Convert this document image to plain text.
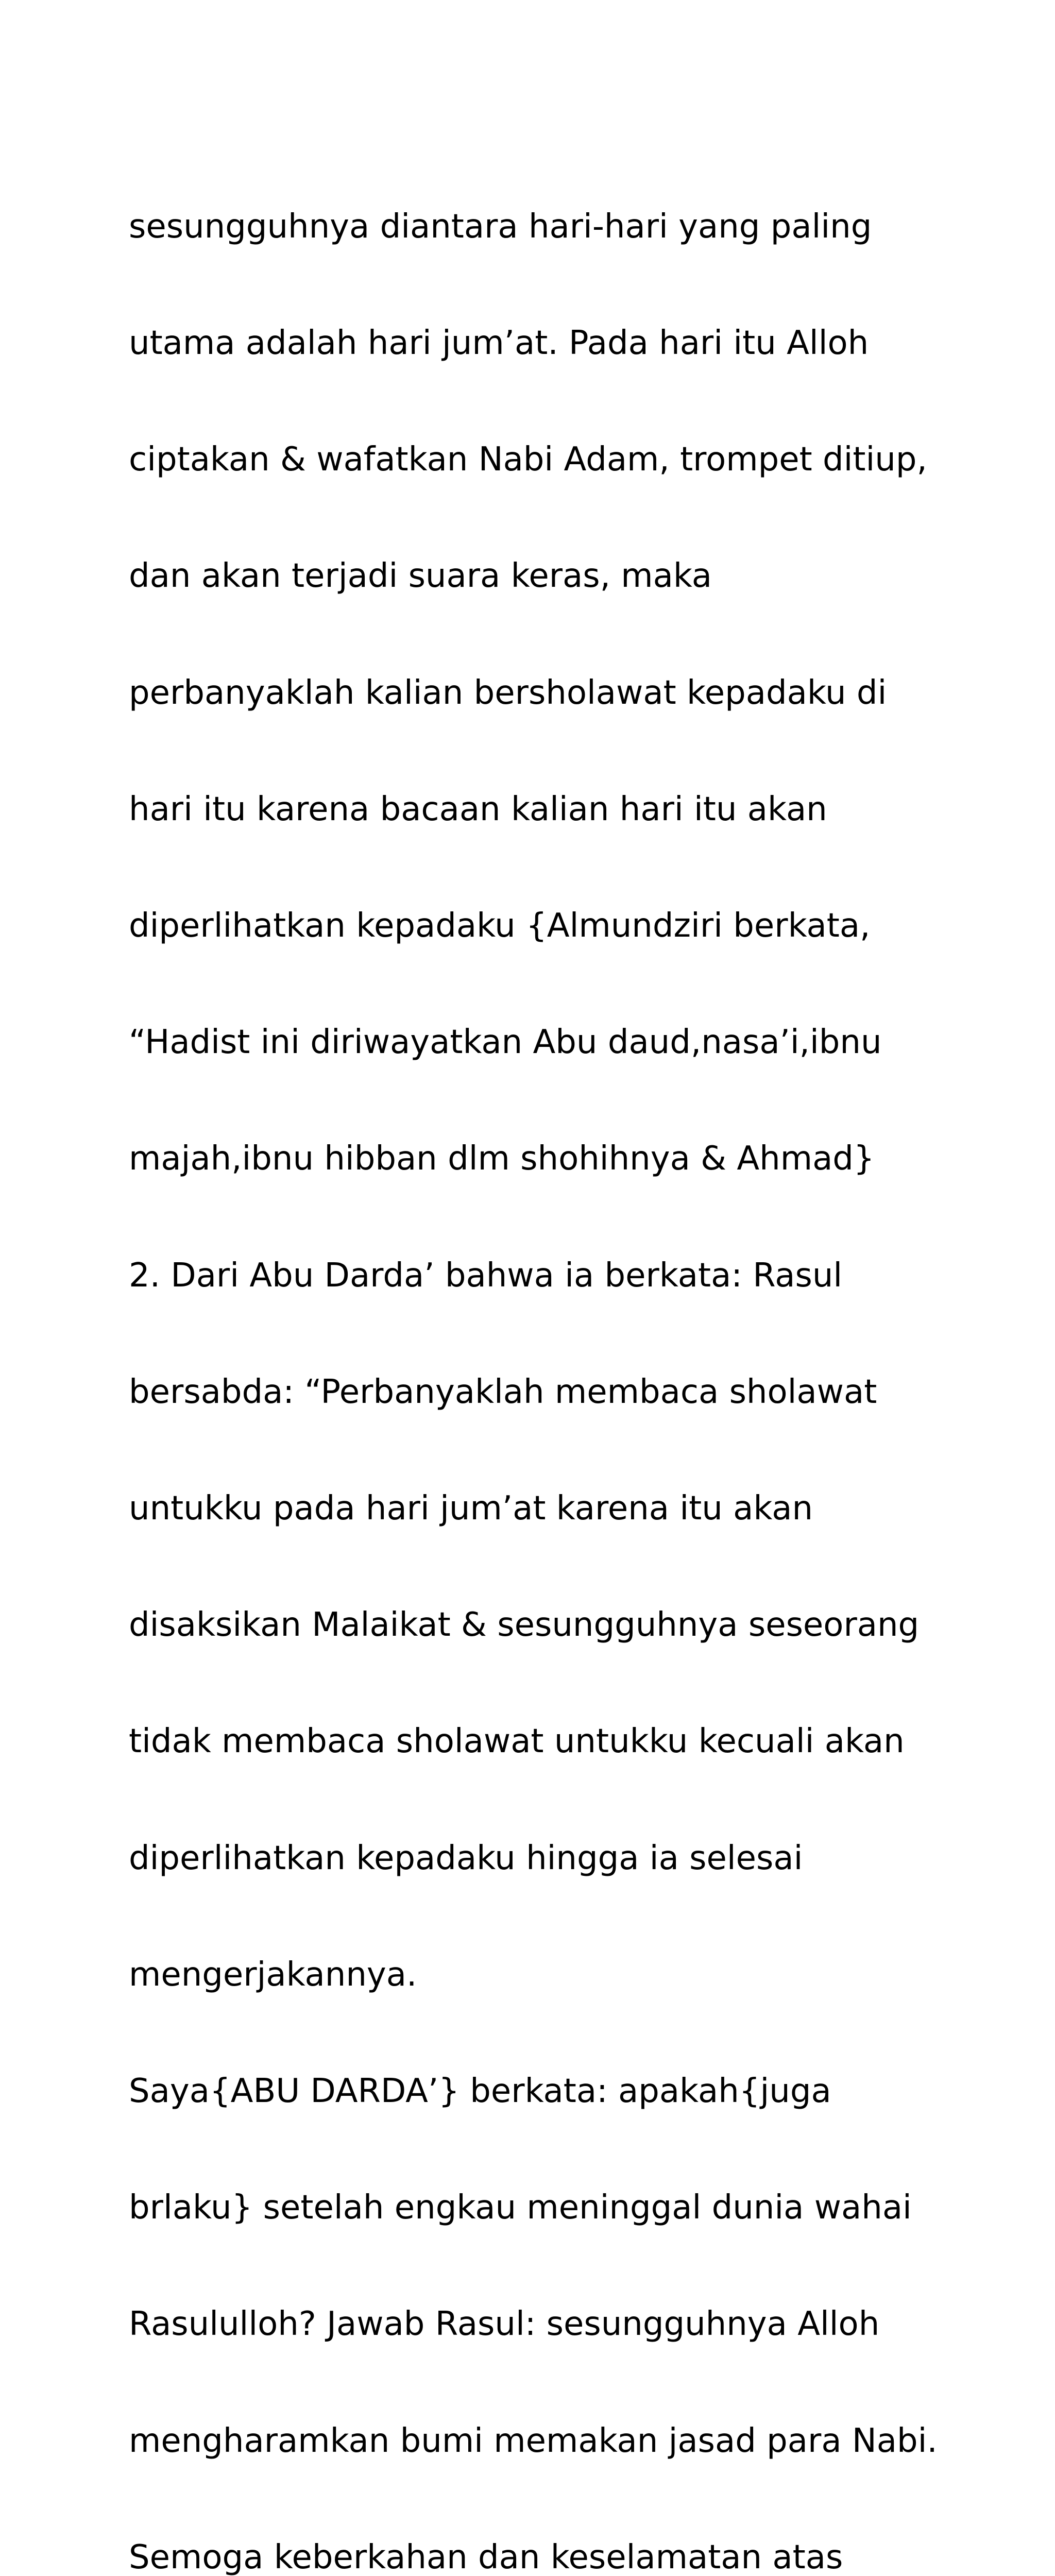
sesungguhnya diantara hari-hari yang paling

utama adalah hari jum’at. Pada hari itu Alloh

ciptakan & wafatkan Nabi Adam, trompet ditiup,

dan akan terjadi suara keras, maka

perbanyaklah kalian bersholawat kepadaku di

hari itu karena bacaan kalian hari itu akan

diperlihatkan kepadaku {Almundziri berkata,

“Hadist ini diriwayatkan Abu daud,nasa’i,ibnu

majah,ibnu hibban dlm shohihnya & Ahmad}

2. Dari Abu Darda’ bahwa ia berkata: Rasul

bersabda: “Perbanyaklah membaca sholawat

untukku pada hari jum’at karena itu akan

disaksikan Malaikat & sesungguhnya seseorang

tidak membaca sholawat untukku kecuali akan

diperlihatkan kepadaku hingga ia selesai

mengerjakannya.

Saya{ABU DARDA’} berkata: apakah{juga

brlaku} setelah engkau meninggal dunia wahai

Rasululloh? Jawab Rasul: sesungguhnya Alloh

mengharamkan bumi memakan jasad para Nabi.

Semoga keberkahan dan keselamatan atas
